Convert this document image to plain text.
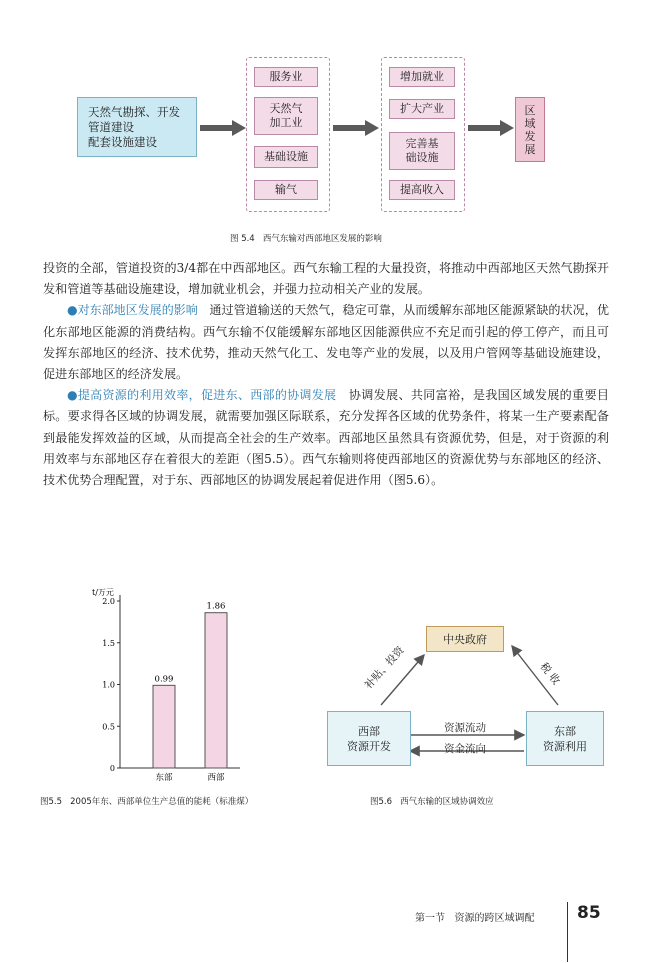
天然气勘探、开发
管道建设
配套设施建设
服务业
天然气
加工业
基础设施
输气
增加就业
扩大产业
完善基
础设施
提高收入
区
域
发
展
图 5.4 西气东输对西部地区发展的影响

投资的全部，管道投资的3/4都在中西部地区。西气东输工程的大量投资，将推动中西部地区天然气勘探开发和管道等基础设施建设，增加就业机会，并强力拉动相关产业的发展。

●对东部地区发展的影响 通过管道输送的天然气，稳定可靠，从而缓解东部地区能源紧缺的状况，优化东部地区能源的消费结构。西气东输不仅能缓解东部地区因能源供应不充足而引起的停工停产，而且可发挥东部地区的经济、技术优势，推动天然气化工、发电等产业的发展，以及用户管网等基础设施建设，促进东部地区的经济发展。

●提高资源的利用效率，促进东、西部的协调发展 协调发展、共同富裕，是我国区域发展的重要目标。要求得各区域的协调发展，就需要加强区际联系，充分发挥各区域的优势条件，将某一生产要素配备到最能发挥效益的区域，从而提高全社会的生产效率。西部地区虽然具有资源优势，但是，对于资源的利用效率与东部地区存在着很大的差距（图5.5）。西气东输则将使西部地区的资源优势与东部地区的经济、技术优势合理配置，对于东、西部地区的协调发展起着促进作用（图5.6）。

t/万元
0
0.5
1.0
1.5
2.0
0.99
东部
1.86
西部
图5.5 2005年东、西部单位生产总值的能耗（标准煤）
中央政府
西部
资源开发
东部
资源利用
补贴、投资	税 收
资源流动
资金流向
图5.6 西气东输的区域协调效应
第一节 资源的跨区域调配 85
